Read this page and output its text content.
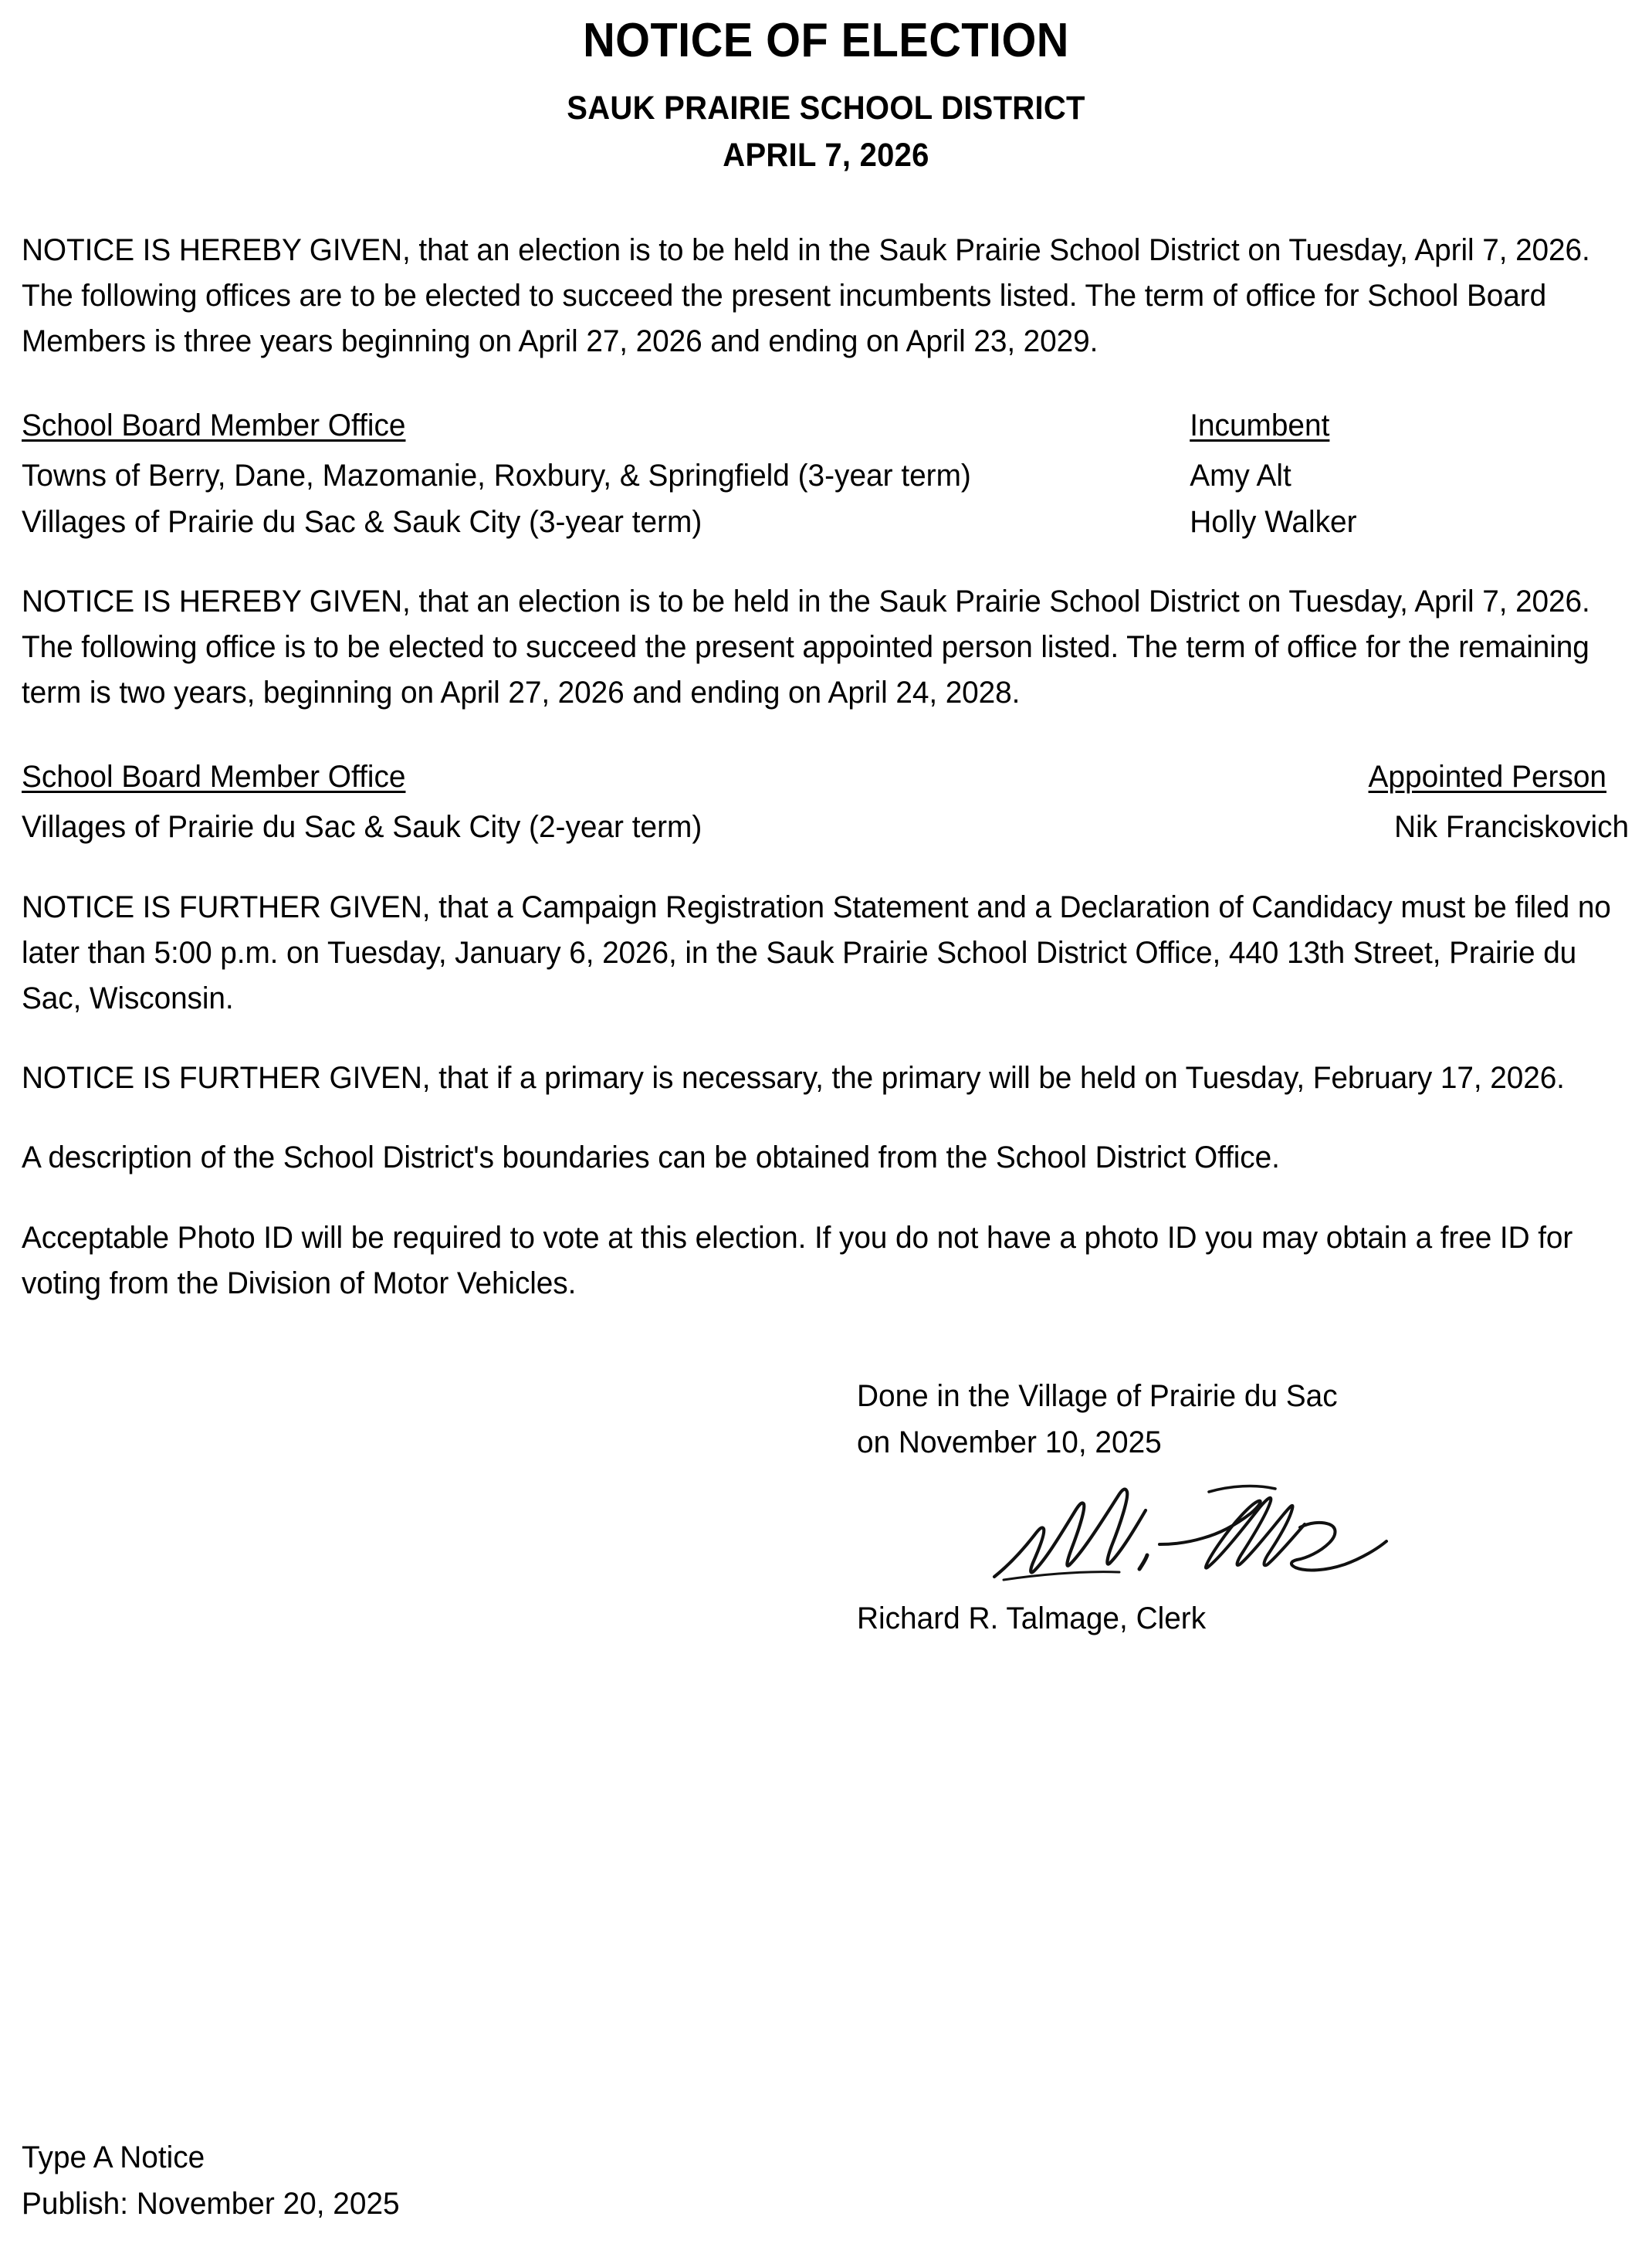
NOTICE OF ELECTION
SAUK PRAIRIE SCHOOL DISTRICT
APRIL 7, 2026

NOTICE IS HEREBY GIVEN, that an election is to be held in the Sauk Prairie School District on Tuesday, April 7, 2026. The following offices are to be elected to succeed the present incumbents listed. The term of office for School Board Members is three years beginning on April 27, 2026 and ending on April 23, 2029.

School Board Member Office	Incumbent
Towns of Berry, Dane, Mazomanie, Roxbury, & Springfield (3-year term)	Amy Alt
Villages of Prairie du Sac & Sauk City (3-year term)	Holly Walker

NOTICE IS HEREBY GIVEN, that an election is to be held in the Sauk Prairie School District on Tuesday, April 7, 2026. The following office is to be elected to succeed the present appointed person listed. The term of office for the remaining term is two years, beginning on April 27, 2026 and ending on April 24, 2028.

School Board Member Office	Appointed Person
Villages of Prairie du Sac & Sauk City (2-year term)	Nik Franciskovich

NOTICE IS FURTHER GIVEN, that a Campaign Registration Statement and a Declaration of Candidacy must be filed no later than 5:00 p.m. on Tuesday, January 6, 2026, in the Sauk Prairie School District Office, 440 13th Street, Prairie du Sac, Wisconsin.

NOTICE IS FURTHER GIVEN, that if a primary is necessary, the primary will be held on Tuesday, February 17, 2026.

A description of the School District's boundaries can be obtained from the School District Office.

Acceptable Photo ID will be required to vote at this election. If you do not have a photo ID you may obtain a free ID for voting from the Division of Motor Vehicles.

Done in the Village of Prairie du Sac
on November 10, 2025
Richard R. Talmage, Clerk
Type A Notice
Publish: November 20, 2025
